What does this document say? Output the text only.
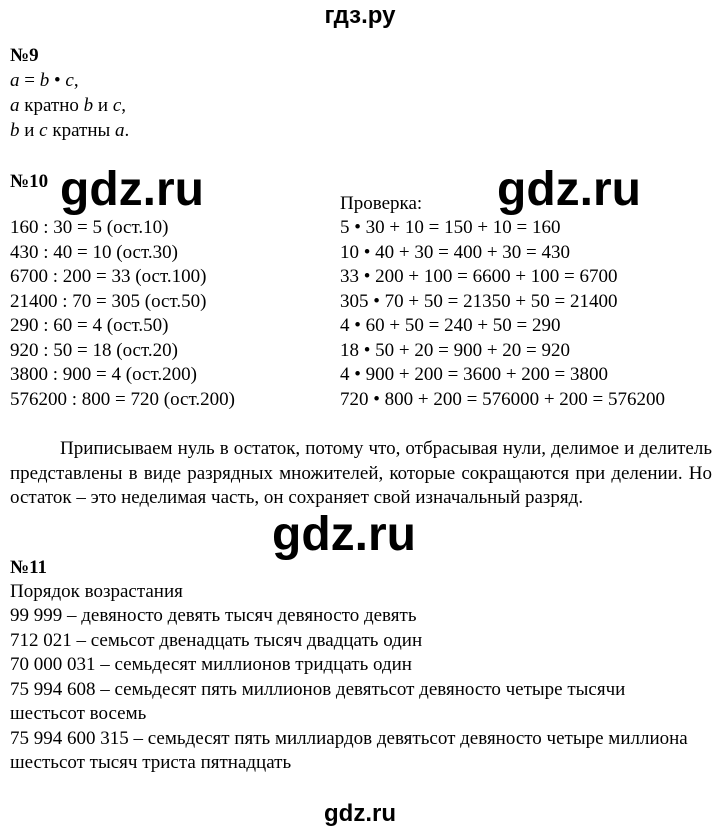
гдз.ру
№9
a = b • c,
a кратно b и c,
b и c кратны a.
№10 gdz.ru	gdz.ru
Проверка:
160 : 30 = 5 (ост.10)
430 : 40 = 10 (ост.30)
6700 : 200 = 33 (ост.100)
21400 : 70 = 305 (ост.50)
290 : 60 = 4 (ост.50)
920 : 50 = 18 (ост.20)
3800 : 900 = 4 (ост.200)
576200 : 800 = 720 (ост.200)
5 • 30 + 10 = 150 + 10 = 160
10 • 40 + 30 = 400 + 30 = 430
33 • 200 + 100 = 6600 + 100 = 6700
305 • 70 + 50 = 21350 + 50 = 21400
4 • 60 + 50 = 240 + 50 = 290
18 • 50 + 20 = 900 + 20 = 920
4 • 900 + 200 = 3600 + 200 = 3800
720 • 800 + 200 = 576000 + 200 = 576200
Приписываем нуль в остаток, потому что, отбрасывая нули, делимое и делитель представлены в виде разрядных множителей, которые сокращаются при делении. Но остаток – это неделимая часть, он сохраняет свой изначальный разряд.
gdz.ru
№11
Порядок возрастания
99 999 – девяносто девять тысяч девяносто девять
712 021 – семьсот двенадцать тысяч двадцать один
70 000 031 – семьдесят миллионов тридцать один
75 994 608 – семьдесят пять миллионов девятьсот девяносто четыре тысячи шестьсот восемь
75 994 600 315 – семьдесят пять миллиардов девятьсот девяносто четыре миллиона шестьсот тысяч триста пятнадцать
gdz.ru
